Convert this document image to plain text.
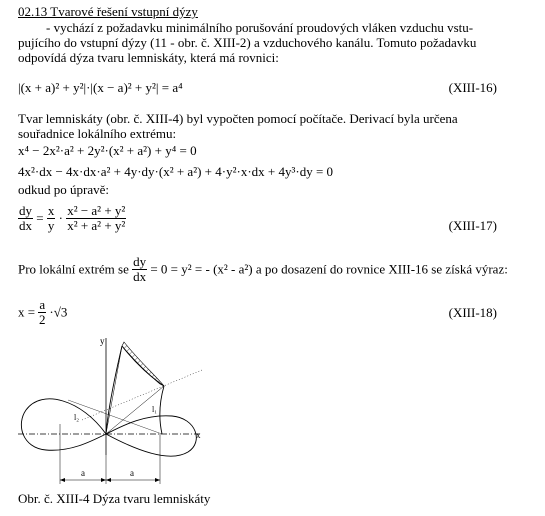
02.13 Tvarové řešení vstupní dýzy
- vychází z požadavku minimálního porušování proudových vláken vzduchu vstu-
pujícího do vstupní dýzy (11 - obr. č. XIII-2) a vzduchového kanálu. Tomuto požadavku
odpovídá dýza tvaru lemniskáty, která má rovnici:
|(x + a)² + y²|·|(x − a)² + y²| = a⁴	(XIII-16)
Tvar lemniskáty (obr. č. XIII-4) byl vypočten pomocí počítače. Derivací byla určena
souřadnice lokálního extrému:
x⁴ − 2x²·a² + 2y²·(x² + a²) + y⁴ = 0
4x²·dx − 4x·dx·a² + 4y·dy·(x² + a²) + 4·y²·x·dx + 4y³·dy = 0
odkud po úpravě:
$\frac{dy}{dx} = \frac{x}{y} \cdot \frac{\text{x² − a² + y²}}{\text{x² + a² + y²}}$	(XIII-17)
Pro lokální extrém se $\frac{dy}{dx} = 0 = y^2$ = - (x² - a²) a po dosazení do rovnice XIII-16 se získá výraz:
$x = \frac{a}{2} \cdot√3$	(XIII-18)
y
x
l₁
l₂
a	a
Obr. č. XIII-4 Dýza tvaru lemniskáty
